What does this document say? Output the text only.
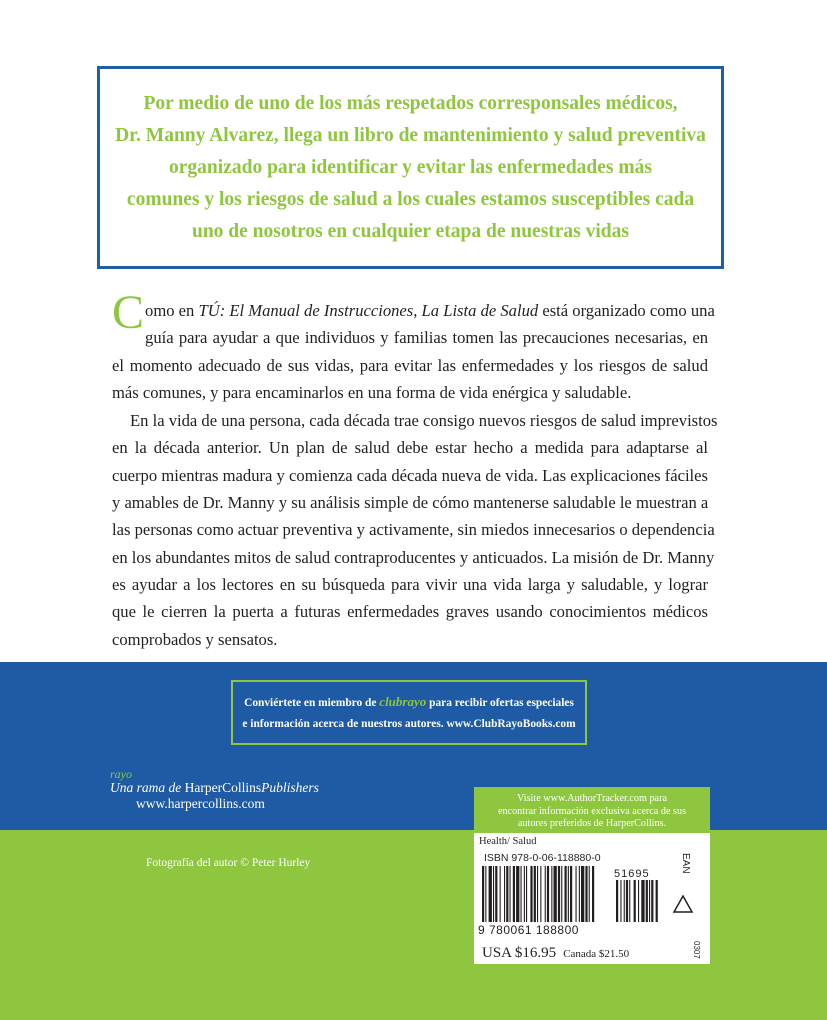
Por medio de uno de los más respetados corresponsales médicos,
Dr. Manny Alvarez, llega un libro de mantenimiento y salud preventiva
organizado para identificar y evitar las enfermedades más
comunes y los riesgos de salud a los cuales estamos susceptibles cada
uno de nosotros en cualquier etapa de nuestras vidas
C omo en TÚ: El Manual de Instrucciones, La Lista de Salud está organizado como una
guía para ayudar a que individuos y familias tomen las precauciones necesarias, en
el momento adecuado de sus vidas, para evitar las enfermedades y los riesgos de salud
más comunes, y para encaminarlos en una forma de vida enérgica y saludable.
En la vida de una persona, cada década trae consigo nuevos riesgos de salud imprevistos
en la década anterior. Un plan de salud debe estar hecho a medida para adaptarse al
cuerpo mientras madura y comienza cada década nueva de vida. Las explicaciones fáciles
y amables de Dr. Manny y su análisis simple de cómo mantenerse saludable le muestran a
las personas como actuar preventiva y activamente, sin miedos innecesarios o dependencia
en los abundantes mitos de salud contraproducentes y anticuados. La misión de Dr. Manny
es ayudar a los lectores en su búsqueda para vivir una vida larga y saludable, y lograr
que le cierren la puerta a futuras enfermedades graves usando conocimientos médicos
comprobados y sensatos.
Conviértete en miembro de clubrayo para recibir ofertas especiales
e información acerca de nuestros autores. www.ClubRayoBooks.com
rayo
Una rama de HarperCollinsPublishers
www.harpercollins.com
Fotografía del autor © Peter Hurley
Visite www.AuthorTracker.com para
encontrar información exclusiva acerca de sus
autores preferidos de HarperCollins.
Health/ Salud
ISBN 978-0-06-118880-0
51695
EAN
9 780061 188800
USA $16.95 Canada $21.50	0307
